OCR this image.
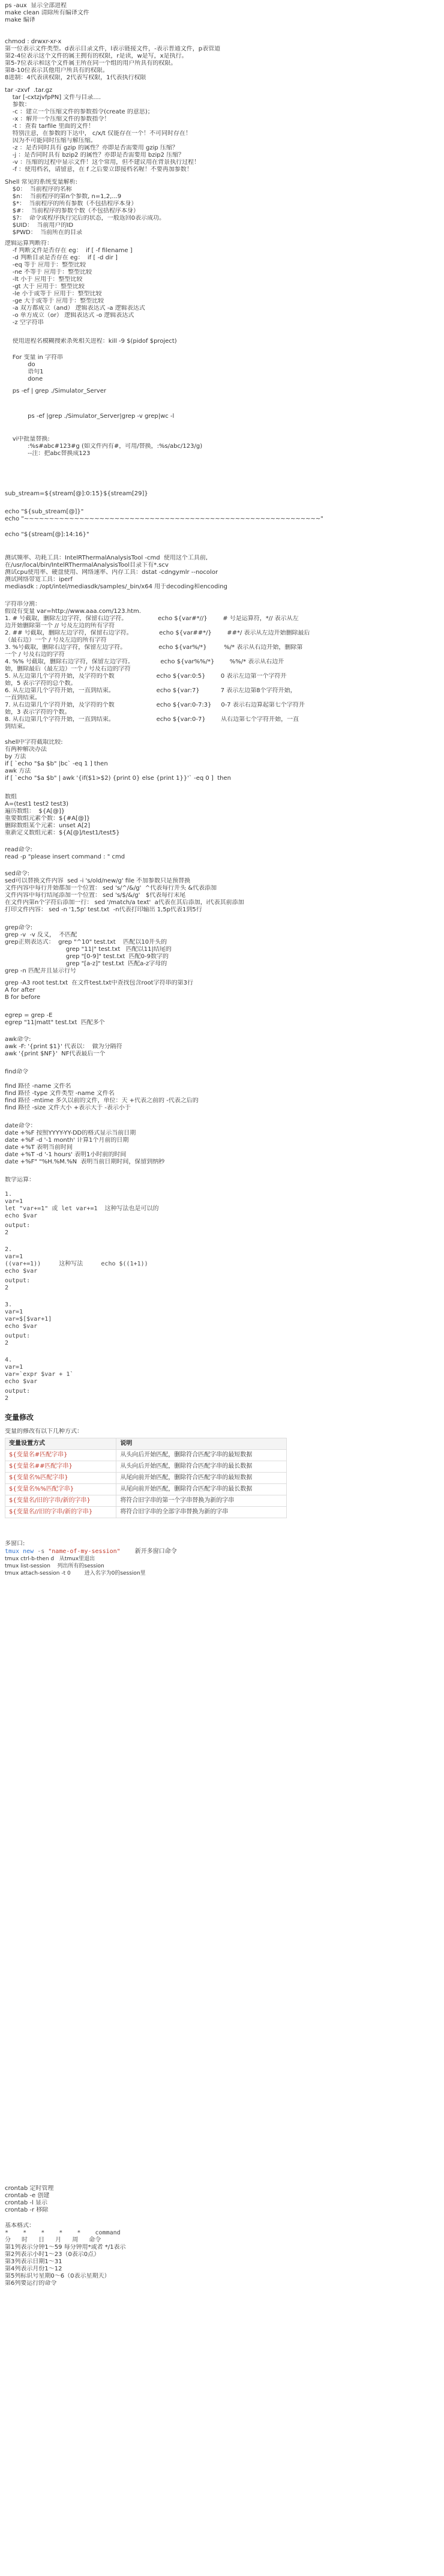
ps -aux  显示全部进程
make clean 清除所有编译文件
make 编译
chmod : drwxr-xr-x
第一位表示文件类型。d表示目录文件，l表示链接文件，-表示普通文件，p表管道
第2-4位表示这个文件的属主拥有的权限，r是读，w是写，x是执行。
第5-7位表示和这个文件属主所在同一个组的用户所具有的权限。
第8-10位表示其他用户所具有的权限。
8进制：4代表读权限，2代表写权限，1代表执行权限
tar -zxvf  .tar.gz
tar [-cxtzjvfpPN] 文件与目录....
参数：
-c ：建立一个压缩文件的参数指令(create 的意思)；
-x ：解开一个压缩文件的参数指令！
-t ：查看 tarfile 里面的文件！
特别注意，在参数的下达中， c/x/t 仅能存在一个！不可同时存在！
因为不可能同时压缩与解压缩。
-z ：是否同时具有 gzip 的属性？亦即是否需要用 gzip 压缩？
-j ：是否同时具有 bzip2 的属性？亦即是否需要用 bzip2 压缩？
-v ：压缩的过程中显示文件！这个常用，但不建议用在背景执行过程！
-f ：使用档名，请留意，在 f 之后要立即接档名喔！不要再加参数！
Shell 常见的系统变量解析:
$0：  当前程序的名称
$n：  当前程序的第n个参数, n=1,2,...9
$*：  当前程序的所有参数（不包括程序本身）
$#：  当前程序的参数个数（不包括程序本身）
$?：  命令或程序执行完后的状态，一般返回0表示成功。
$UID：  当前用户的ID
$PWD：  当前所在的目录
逻辑运算判断符：
-f 判断文件是否存在 eg：  if [ -f filename ]
-d 判断目录是否存在 eg：  if [ -d dir ]
-eq 等于 应用于：整型比较
-ne 不等于 应用于：整型比较
-lt 小于 应用于：整型比较
-gt 大于 应用于：整型比较
-le 小于或等于 应用于：整型比较
-ge 大于或等于 应用于：整型比较
-a 双方都成立（and） 逻辑表达式 -a 逻辑表达式
-o 单方成立（or） 逻辑表达式 -o 逻辑表达式
-z 空字符串
使用进程名模糊搜索杀死相关进程：kill -9 $(pidof $project)
For 变量 in 字符串
do
语句1
done
ps -ef | grep ./Simulator_Server
ps -ef |grep ./Simulator_Server|grep -v grep|wc -l
vi中批量替换:
:%s#abc#123#g (如文件内有#，可用/替换，:%s/abc/123/g)
--注：把abc替换成123
sub_stream=${stream[@]:0:15}${stream[29]}
echo "${sub_stream[@]}"
echo "~~~~~~~~~~~~~~~~~~~~~~~~~~~~~~~~~~~~~~~~~~~~~~~~~~~~~~~~~~~"
echo "${stream[@]:14:16}"
测试频率、功耗工具：IntelRThermalAnalysisTool -cmd  使用这个工具前,
在/usr/local/bin/IntelRThermalAnalysisTool目录下有*.scv
测试cpu使用率、硬盘使用、网络速率、内存工具：dstat -cdngymlr --nocolor
测试网络带宽工具：iperf
mediasdk : /opt/intel/mediasdk/samples/_bin/x64 用于decoding和encoding
字符串分割：
假设有变量 var=http://www.aaa.com/123.htm.
1. # 号截取，删除左边字符，保留右边字符。                echo ${var#*//}        # 号是运算符，*// 表示从左
边开始删除第一个 // 号及左边的所有字符
2. ## 号截取，删除左边字符，保留右边字符。              echo ${var##*/}        ##*/ 表示从左边开始删除最后
（最右边）一个 / 号及左边的所有字符
3. %号截取，删除右边字符，保留左边字符。                 echo ${var%/*}         %/* 表示从右边开始，删除第
一个 / 号及右边的字符
4. %% 号截取，删除右边字符，保留左边字符。              echo ${var%%/*}        %%/* 表示从右边开
始，删除最后（最左边）一个 / 号及右边的字符
5. 从左边第几个字符开始，及字符的个数                      echo ${var:0:5}        0 表示左边第一个字符开
始，5 表示字符的总个数。
6. 从左边第几个字符开始，一直到结束。                      echo ${var:7}           7 表示左边第8个字符开始，
一直到结束。
7. 从右边第几个字符开始，及字符的个数                      echo ${var:0-7:3}     0-7 表示右边算起第七个字符开
始，3 表示字符的个数。
8. 从右边第几个字符开始，一直到结束。                      echo ${var:0-7}        从右边第七个字符开始，一直
到结束。
shell中字符截取比较:
有两种解决办法
by 方法
if [ `echo "$a $b" |bc` -eq 1 ] then
awk 方法
if [ `echo "$a $b" | awk '{if($1>$2) {print 0} else {print 1}}'` -eq 0 ]  then
数组
A=(test1 test2 test3)
遍历数组：  ${A[@]}
重要数组元素个数：${#A[@]}
删除数组某个元素：unset A[2]
重新定义数组元素：${A[@]/test1/test5}
read命令:
read -p "please insert command : " cmd
sed命令:
sed可以替换文件内容  sed -i 's/old/new/g' file 不加参数只是预替换
文件内容中每行开始都加一个位置： sed 's/^/&/g'  ^代表每行开头 &代表添加
文件内容中每行结尾添加一个位置： sed 's/$/&/g'   $代表每行末尾
在文件内第n个字符后添加一行： sed '/match/a text'  a代表在其后添加，i代表其前添加
打印文件内容： sed -n '1,5p' test.txt  -n代表打印输出 1,5p代表1到5行
grep命令:
grep -v  -v 反义，  不匹配
grep正则表达式：  grep "^10" test.txt    匹配以10开头的
grep "11|" test.txt   匹配以11|结尾的
grep "[0-9]" test.txt  匹配0-9数字的
grep "[a-z]" test.txt  匹配a-z字母的
grep -n 匹配并且显示行号
grep -A3 root test.txt  在文件test.txt中查找包含root字符串的第3行
A for after
B for before
egrep = grep -E
egrep "11|matt" test.txt  匹配多个
awk命令:
awk -F: '{print $1}' 代表以：  做为分隔符
awk '{print $NF}'  NF代表最后一个
find命令
find 路径 -name 文件名
find 路径 -type 文件类型 -name 文件名
find 路径 -mtime 多久以前的文件，单位：天 +代表之前的 -代表之后的
find 路径 -size 文件大小 +表示大于 -表示小于
date命令：
date +%F 按照YYYY-YY-DD的格式显示当前日期
date +%F -d '-1 month' 计算1个月前的日期
date +%T 表明当前时间
date +%T -d '-1 hours' 表明1小时前的时间
date +%F" "%H.%M.%N  表明当前日期时间，保留到纳秒
数学运算：
1.
var=1
let "var+=1" 或 let var+=1  这种写法也是可以的
echo $var
output:
2
2.
var=1
((var+=1))     这种写法     echo $((1+1))
echo $var
output:
2
3.
var=1
var=$[$var+1]
echo $var
output:
2
4.
var=1
var=`expr $var + 1`
echo $var
output:
2
变量修改
变量的修改有以下几种方式：
变量设置方式	说明
${变量名#匹配字串}	从头向后开始匹配，删除符合匹配字串的最短数据
${变量名##匹配字串}	从头向后开始匹配，删除符合匹配字串的最长数据
${变量名%匹配字串}	从尾向前开始匹配，删除符合匹配字串的最短数据
${变量名%%匹配字串}	从尾向前开始匹配，删除符合匹配字串的最长数据
${变量名/旧的字串/新的字串}	将符合旧字串的第一个字串替换为新的字串
${变量名//旧的字串/新的字串}	将符合旧字串的全部字串替换为新的字串
多窗口:
tmux new -s "name-of-my-session"    新开多窗口命令
tmux ctrl-b-then d   从tmux里退出
tmux list-session    列出所有的session
tmux attach-session -t 0        进入名字为0的session里
crontab 定时管理
crontab -e 创建
crontab -l 显示
crontab -r 移除
基本格式：
*    *    *    *    *    command
分   时   日   月   周   命令
第1列表示分钟1～59 每分钟用*或者 */1表示
第2列表示小时1～23（0表示0点）
第3列表示日期1～31
第4列表示月份1～12
第5列标识号星期0～6（0表示星期天）
第6列要运行的命令
